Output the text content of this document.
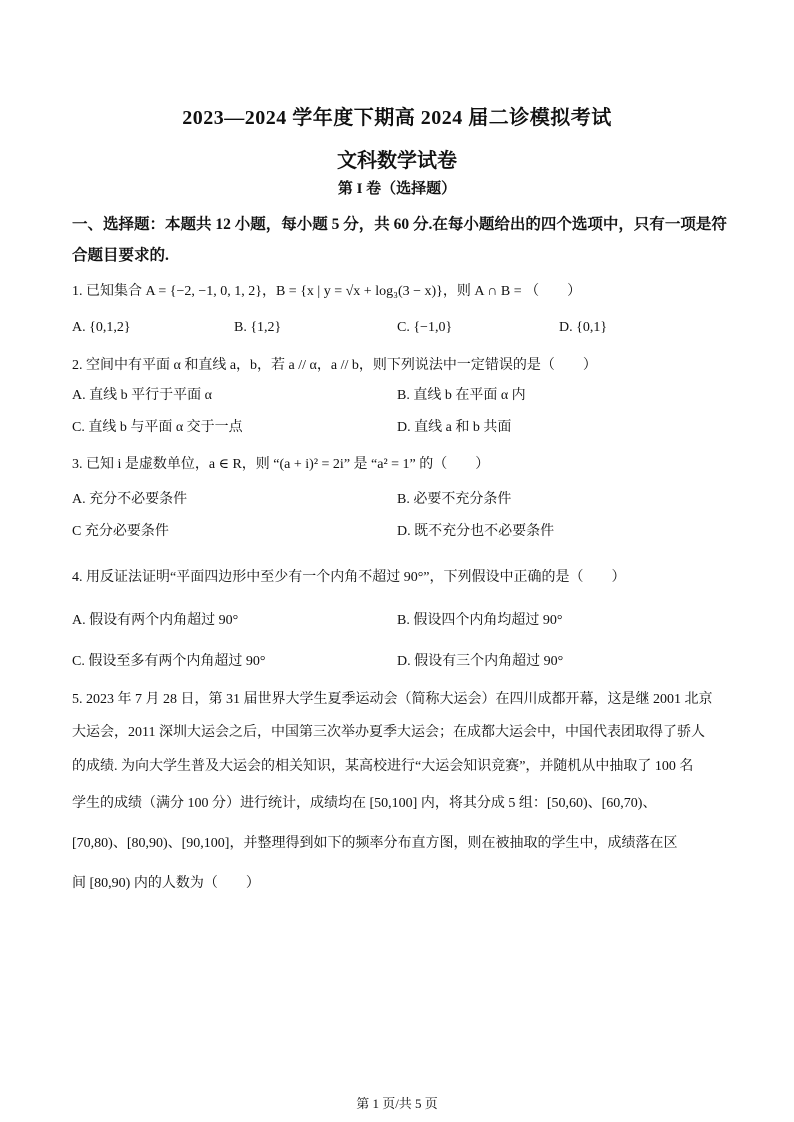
2023—2024 学年度下期高 2024 届二诊模拟考试
文科数学试卷
第 I 卷（选择题）
一、选择题：本题共 12 小题，每小题 5 分，共 60 分.在每小题给出的四个选项中，只有一项是符合题目要求的.
1. 已知集合 A = {−2, −1, 0, 1, 2}，B = {x | y = √x + log₃(3 − x)}，则 A ∩ B = （　　）
A. {0,1,2}	B. {1,2}	C. {−1,0}	D. {0,1}
2. 空间中有平面 α 和直线 a，b，若 a // α，a // b，则下列说法中一定错误的是（　　）
A. 直线 b 平行于平面 α	B. 直线 b 在平面 α 内
C. 直线 b 与平面 α 交于一点	D. 直线 a 和 b 共面
3. 已知 i 是虚数单位，a ∈ R，则 “(a + i)² = 2i” 是 “a² = 1” 的（　　）
A. 充分不必要条件	B. 必要不充分条件
C 充分必要条件	D. 既不充分也不必要条件
4. 用反证法证明“平面四边形中至少有一个内角不超过 90°”，下列假设中正确的是（　　）
A. 假设有两个内角超过 90°	B. 假设四个内角均超过 90°
C. 假设至多有两个内角超过 90°	D. 假设有三个内角超过 90°
5. 2023 年 7 月 28 日，第 31 届世界大学生夏季运动会（简称大运会）在四川成都开幕，这是继 2001 北京
大运会，2011 深圳大运会之后，中国第三次举办夏季大运会；在成都大运会中，中国代表团取得了骄人
的成绩. 为向大学生普及大运会的相关知识，某高校进行“大运会知识竞赛”，并随机从中抽取了 100 名
学生的成绩（满分 100 分）进行统计，成绩均在 [50,100] 内，将其分成 5 组：[50,60)、[60,70)、
[70,80)、[80,90)、[90,100]，并整理得到如下的频率分布直方图，则在被抽取的学生中，成绩落在区
间 [80,90) 内的人数为（　　）
第 1 页/共 5 页
